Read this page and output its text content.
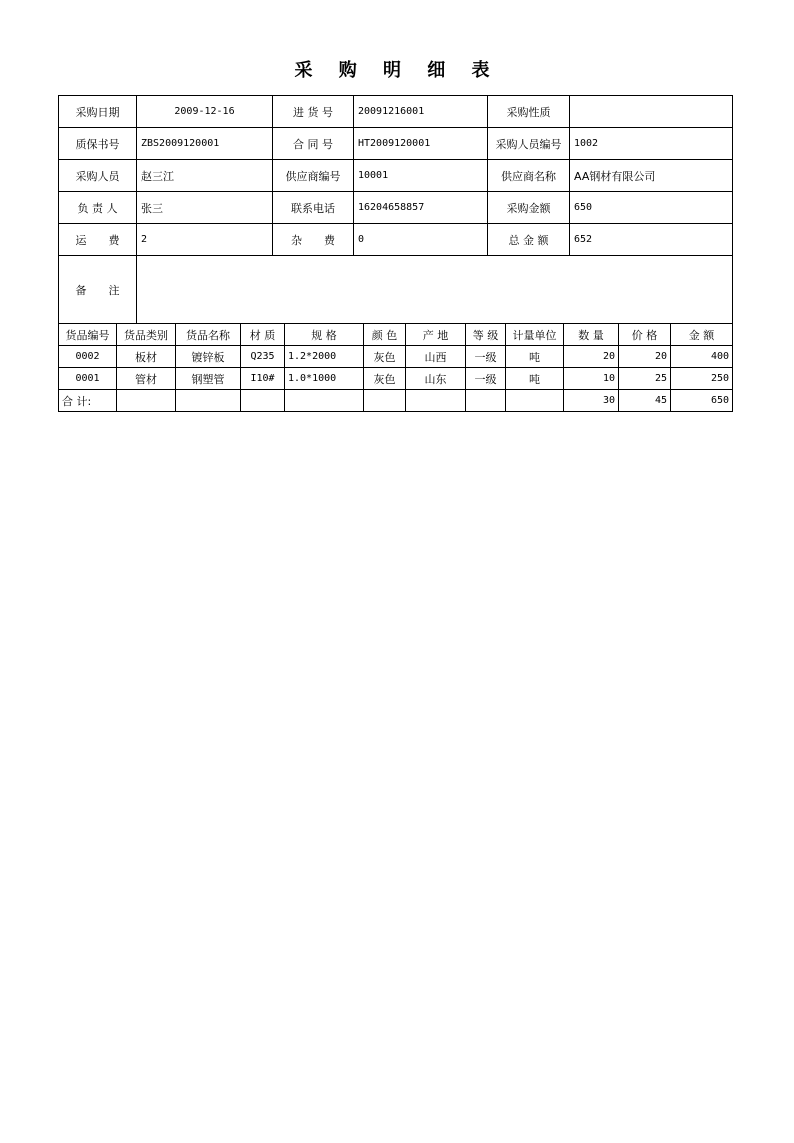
采 购 明 细 表
采购日期	2009-12-16	进 货 号	20091216001	采购性质	
质保书号	ZBS2009120001	合 同 号	HT2009120001	采购人员编号	1002
采购人员	赵三江	供应商编号	10001	供应商名称	AA钢材有限公司
负 责 人	张三	联系电话	16204658857	采购金额	650
运　　费	2	杂　　费	0	总 金 额	652
备　　注					
货品编号	货品类别	货品名称	材 质	规 格	颜 色	产 地	等 级	计量单位	数 量	价 格	金 额
0002	板材	镀锌板	Q235	1.2*2000	灰色	山西	一级	吨	20	20	400
0001	管材	钢塑管	I10#	1.0*1000	灰色	山东	一级	吨	10	25	250
合 计:									30	45	650
